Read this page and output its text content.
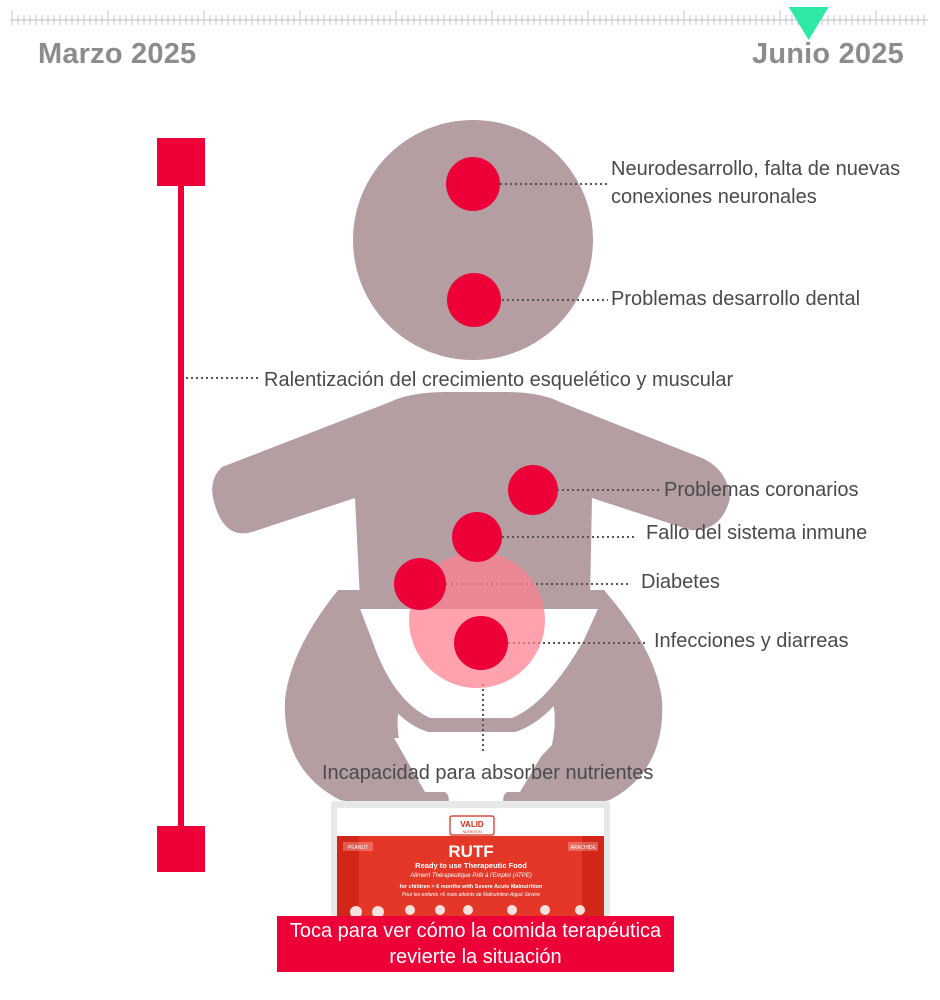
VALID
NUTRITION
PEANUT	ARACHIDE
RUTF
Ready to use Therapeutic Food
Aliment Thérapeutique Prêt à l'Emploi (ATPE)
for children > 6 months with Severe Acute Malnutrition
Pour les enfants >6 mois atteints de Malnutrition Aiguë Sévère
Marzo 2025	Junio 2025
Neurodesarrollo, falta de nuevas
conexiones neuronales
Problemas desarrollo dental
Ralentización del crecimiento esquelético y muscular
Problemas coronarios
Fallo del sistema inmune
Diabetes
Infecciones y diarreas
Incapacidad para absorber nutrientes
Toca para ver cómo la comida terapéutica
revierte la situación
